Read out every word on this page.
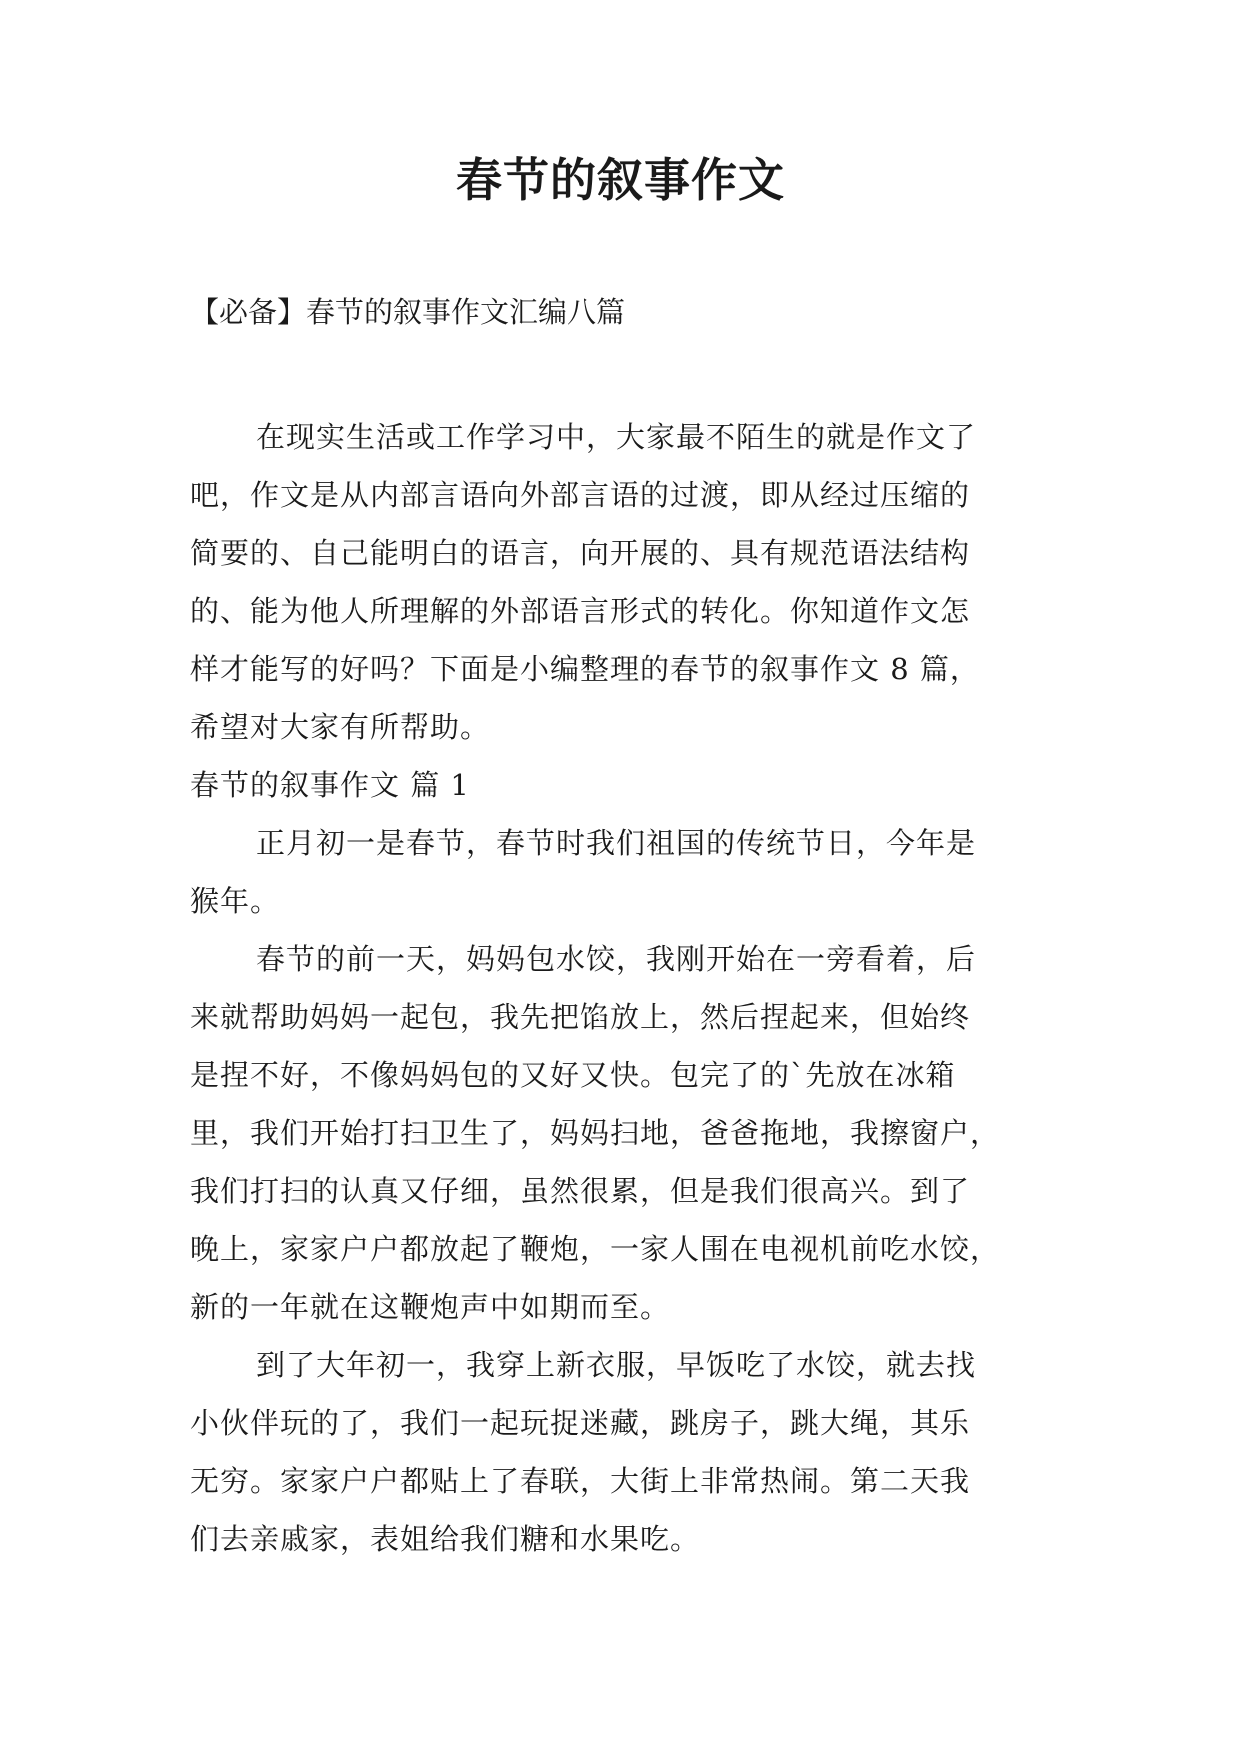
春节的叙事作文
【必备】春节的叙事作文汇编八篇
在现实生活或工作学习中，大家最不陌生的就是作文了
吧，作文是从内部言语向外部言语的过渡，即从经过压缩的
简要的、自己能明白的语言，向开展的、具有规范语法结构
的、能为他人所理解的外部语言形式的转化。你知道作文怎
样才能写的好吗？下面是小编整理的春节的叙事作文 8 篇，
希望对大家有所帮助。
春节的叙事作文 篇 1
正月初一是春节，春节时我们祖国的传统节日，今年是
猴年。
春节的前一天，妈妈包水饺，我刚开始在一旁看着，后
来就帮助妈妈一起包，我先把馅放上，然后捏起来，但始终
是捏不好，不像妈妈包的又好又快。包完了的`先放在冰箱
里，我们开始打扫卫生了，妈妈扫地，爸爸拖地，我擦窗户，
我们打扫的认真又仔细，虽然很累，但是我们很高兴。到了
晚上，家家户户都放起了鞭炮，一家人围在电视机前吃水饺，
新的一年就在这鞭炮声中如期而至。
到了大年初一，我穿上新衣服，早饭吃了水饺，就去找
小伙伴玩的了，我们一起玩捉迷藏，跳房子，跳大绳，其乐
无穷。家家户户都贴上了春联，大街上非常热闹。第二天我
们去亲戚家，表姐给我们糖和水果吃。
